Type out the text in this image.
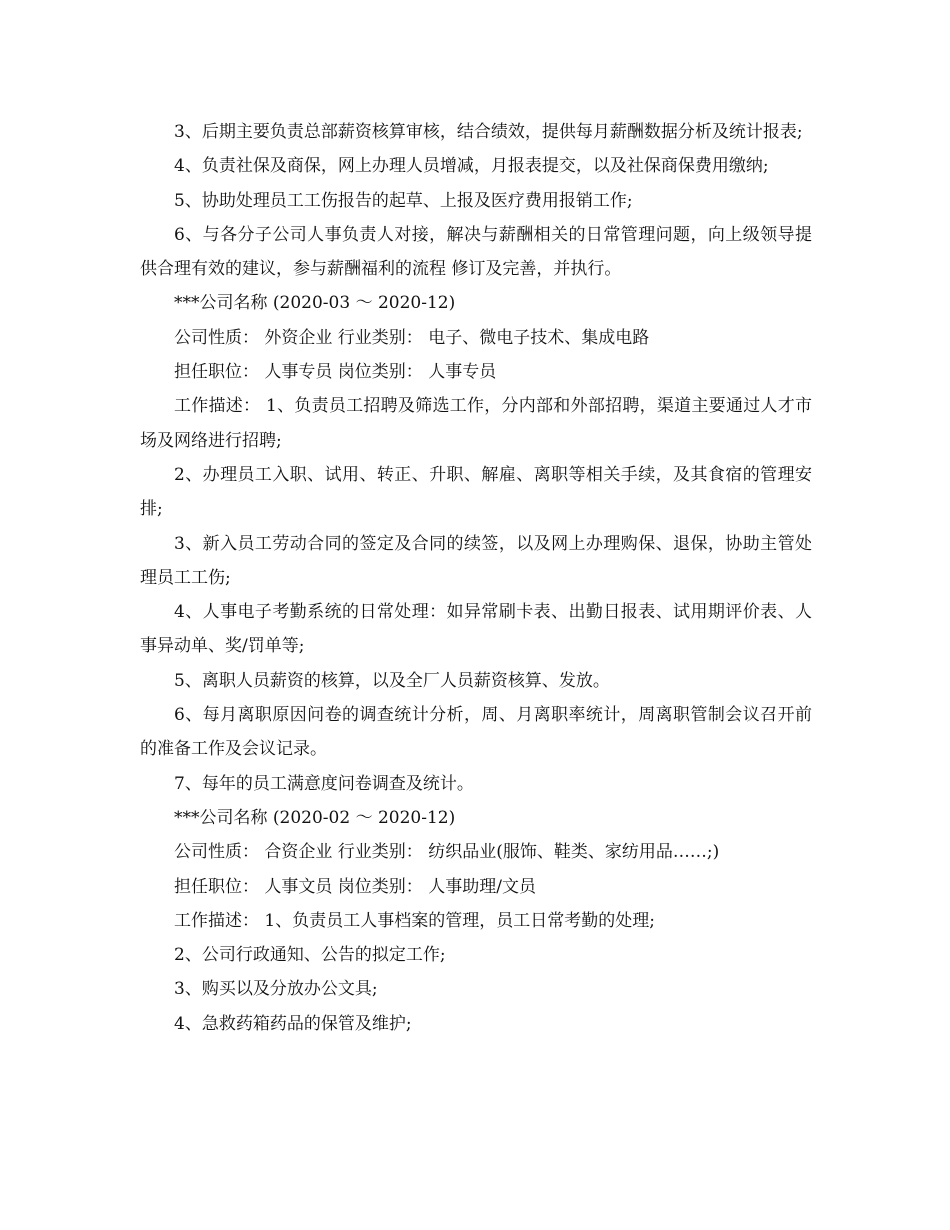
3、后期主要负责总部薪资核算审核，结合绩效，提供每月薪酬数据分析及统计报表;

4、负责社保及商保，网上办理人员增减，月报表提交，以及社保商保费用缴纳;

5、协助处理员工工伤报告的起草、上报及医疗费用报销工作;

6、与各分子公司人事负责人对接，解决与薪酬相关的日常管理问题，向上级领导提供合理有效的建议，参与薪酬福利的流程 修订及完善，并执行。

***公司名称 (2020-03 ～ 2020-12)

公司性质： 外资企业 行业类别： 电子、微电子技术、集成电路

担任职位： 人事专员 岗位类别： 人事专员

工作描述： 1、负责员工招聘及筛选工作，分内部和外部招聘，渠道主要通过人才市场及网络进行招聘;

2、办理员工入职、试用、转正、升职、解雇、离职等相关手续，及其食宿的管理安排;

3、新入员工劳动合同的签定及合同的续签，以及网上办理购保、退保，协助主管处理员工工伤;

4、人事电子考勤系统的日常处理：如异常刷卡表、出勤日报表、试用期评价表、人事异动单、奖/罚单等;

5、离职人员薪资的核算，以及全厂人员薪资核算、发放。

6、每月离职原因问卷的调查统计分析，周、月离职率统计，周离职管制会议召开前的准备工作及会议记录。

7、每年的员工满意度问卷调查及统计。

***公司名称 (2020-02 ～ 2020-12)

公司性质： 合资企业 行业类别： 纺织品业(服饰、鞋类、家纺用品……;)

担任职位： 人事文员 岗位类别： 人事助理/文员

工作描述： 1、负责员工人事档案的管理，员工日常考勤的处理;

2、公司行政通知、公告的拟定工作;

3、购买以及分放办公文具;

4、急救药箱药品的保管及维护;
